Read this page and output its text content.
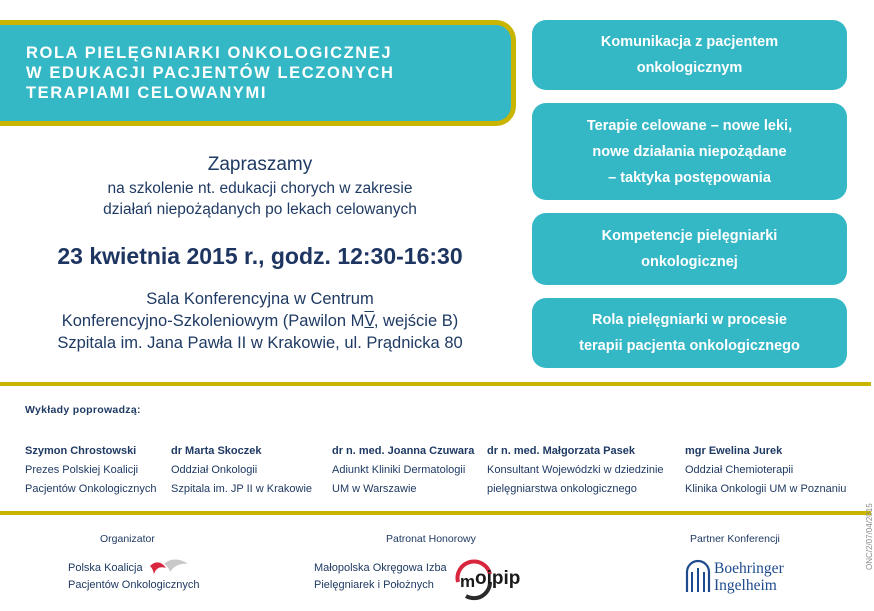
ROLA PIELĘGNIARKI ONKOLOGICZNEJ
W EDUKACJI PACJENTÓW LECZONYCH
TERAPIAMI CELOWANYMI
Zapraszamy
na szkolenie nt. edukacji chorych w zakresie
działań niepożądanych po lekach celowanych
23 kwietnia 2015 r., godz. 12:30-16:30
Sala Konferencyjna w Centrum
Konferencyjno-Szkoleniowym (Pawilon MV, wejście B)
Szpitala im. Jana Pawła II w Krakowie, ul. Prądnicka 80
Komunikacja z pacjentem
onkologicznym
Terapie celowane – nowe leki,
nowe działania niepożądane
– taktyka postępowania
Kompetencje pielęgniarki
onkologicznej
Rola pielęgniarki w procesie
terapii pacjenta onkologicznego
Wykłady poprowadzą:
Szymon Chrostowski
Prezes Polskiej Koalicji
Pacjentów Onkologicznych
dr Marta Skoczek
Oddział Onkologii
Szpitala im. JP II w Krakowie
dr n. med. Joanna Czuwara
Adiunkt Kliniki Dermatologii
UM w Warszawie
dr n. med. Małgorzata Pasek
Konsultant Wojewódzki w dziedzinie
pielęgniarstwa onkologicznego
mgr Ewelina Jurek
Oddział Chemioterapii
Klinika Onkologii UM w Poznaniu
Organizator	Patronat Honorowy	Partner Konferencji
Polska Koalicja
Pacjentów Onkologicznych
Małopolska Okręgowa Izba
Pielęgniarek i Położnych	m oipip	Boehringer
Ingelheim
ONC/2/07/04/2015
